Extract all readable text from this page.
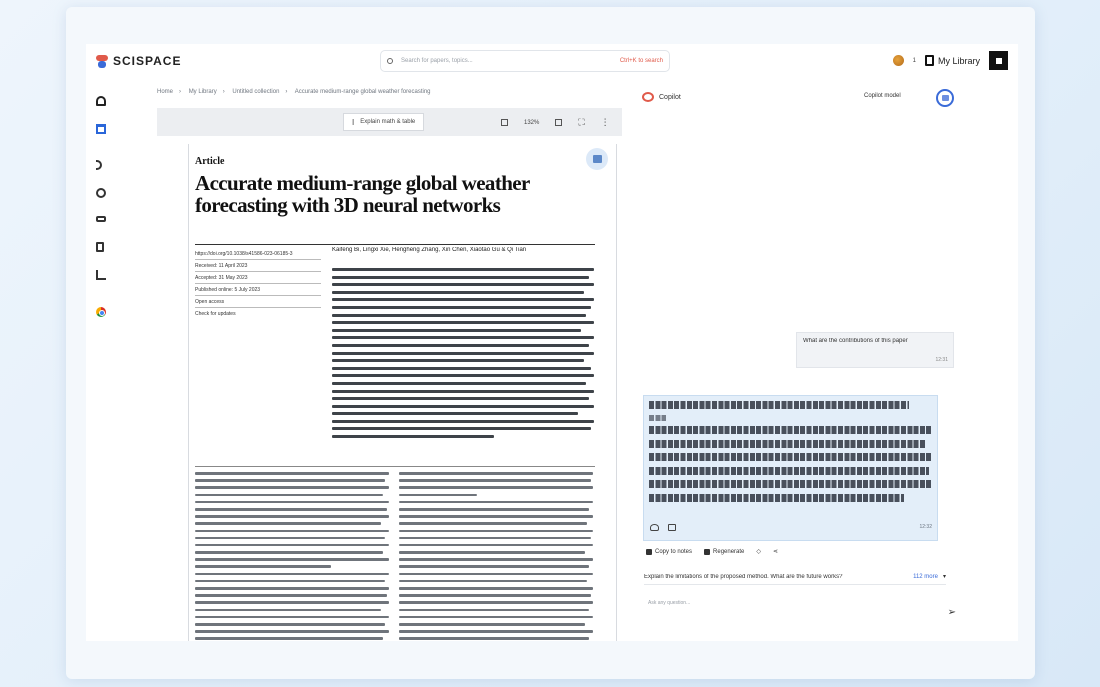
SCISPACE	Search for papers, topics...	Ctrl+K to search	1 My Library
Home › My Library › Untitled collection › Accurate medium-range global weather forecasting
I Explain math & table	132%	⛶ ⋮
Article
Accurate medium-range global weather forecasting with 3D neural networks
https://doi.org/10.1038/s41586-023-06185-3
Received: 11 April 2023
Accepted: 31 May 2023
Published online: 5 July 2023
Open access
Check for updates
Kaifeng Bi, Lingxi Xie, Hengheng Zhang, Xin Chen, Xiaotao Gu & Qi Tian
Copilot	Copilot model
What are the contributions of this paper
12:31
12:32
Copy to notes	Regenerate ◇ ⋖
Explain the limitations of the proposed method. What are the future works?	112 more ▾
Ask any question...
➢
